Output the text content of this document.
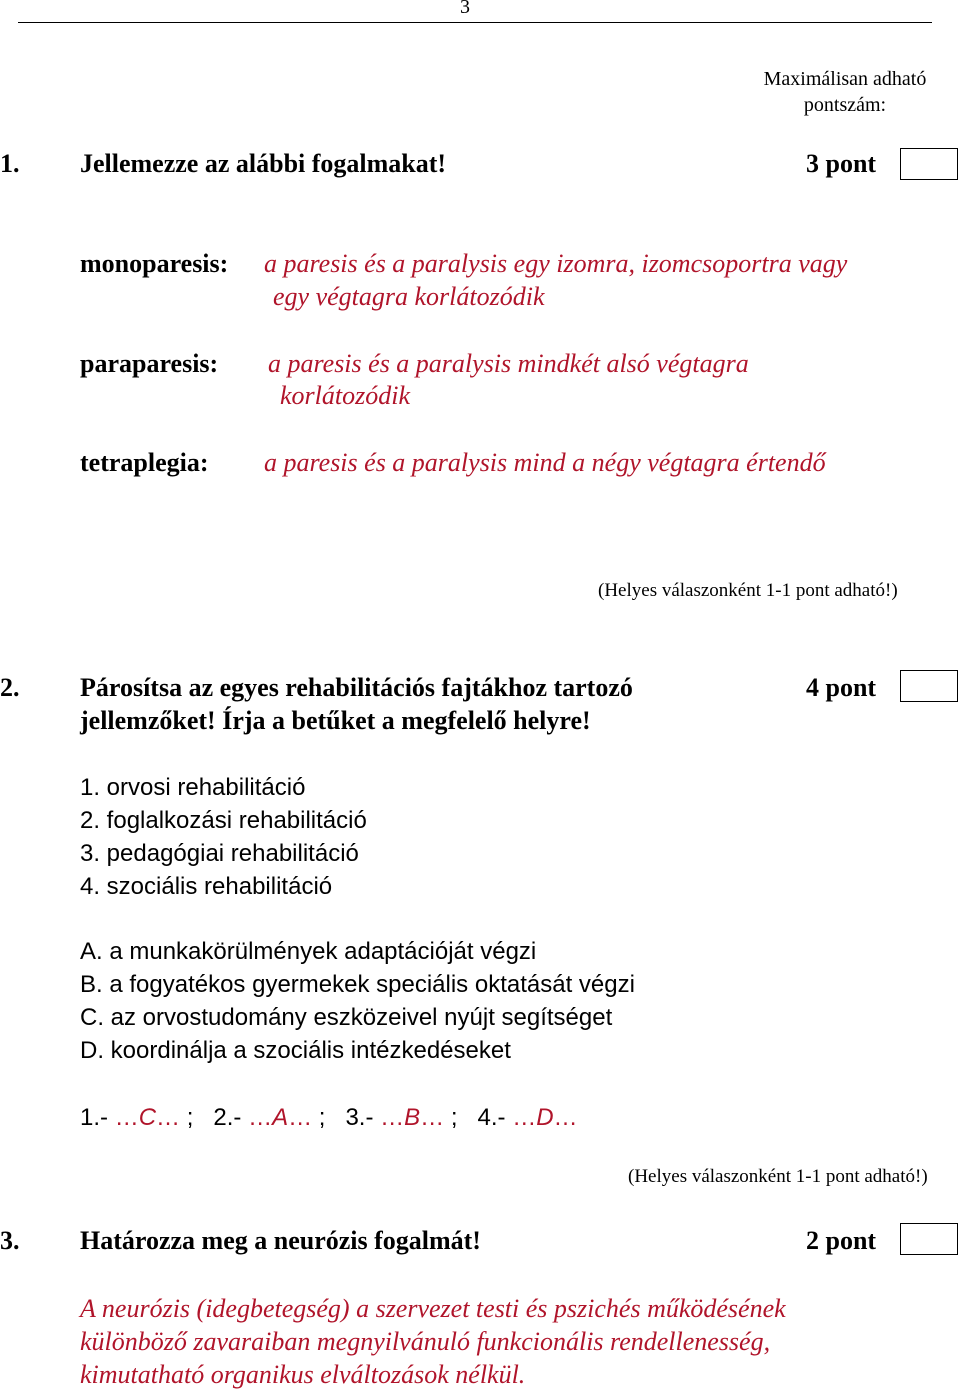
3
Maximálisan adható
pontszám:
1. Jellemezze az alábbi fogalmakat!	3 pont
monoparesis: a paresis és a paralysis egy izomra, izomcsoportra vagy
egy végtagra korlátozódik
paraparesis: a paresis és a paralysis mindkét alsó végtagra
korlátozódik
tetraplegia: a paresis és a paralysis mind a négy végtagra értendő
(Helyes válaszonként 1-1 pont adható!)
2. Párosítsa az egyes rehabilitációs fajtákhoz tartozó
jellemzőket! Írja a betűket a megfelelő helyre!
4 pont
1. orvosi rehabilitáció
2. foglalkozási rehabilitáció
3. pedagógiai rehabilitáció
4. szociális rehabilitáció
A. a munkakörülmények adaptációját végzi
B. a fogyatékos gyermekek speciális oktatását végzi
C. az orvostudomány eszközeivel nyújt segítséget
D. koordinálja a szociális intézkedéseket
1.- …C… ; 2.- …A… ; 3.- …B… ; 4.- …D…
(Helyes válaszonként 1-1 pont adható!)
3. Határozza meg a neurózis fogalmát!	2 pont
A neurózis (idegbetegség) a szervezet testi és pszichés működésének
különböző zavaraiban megnyilvánuló funkcionális rendellenesség,
kimutatható organikus elváltozások nélkül.
